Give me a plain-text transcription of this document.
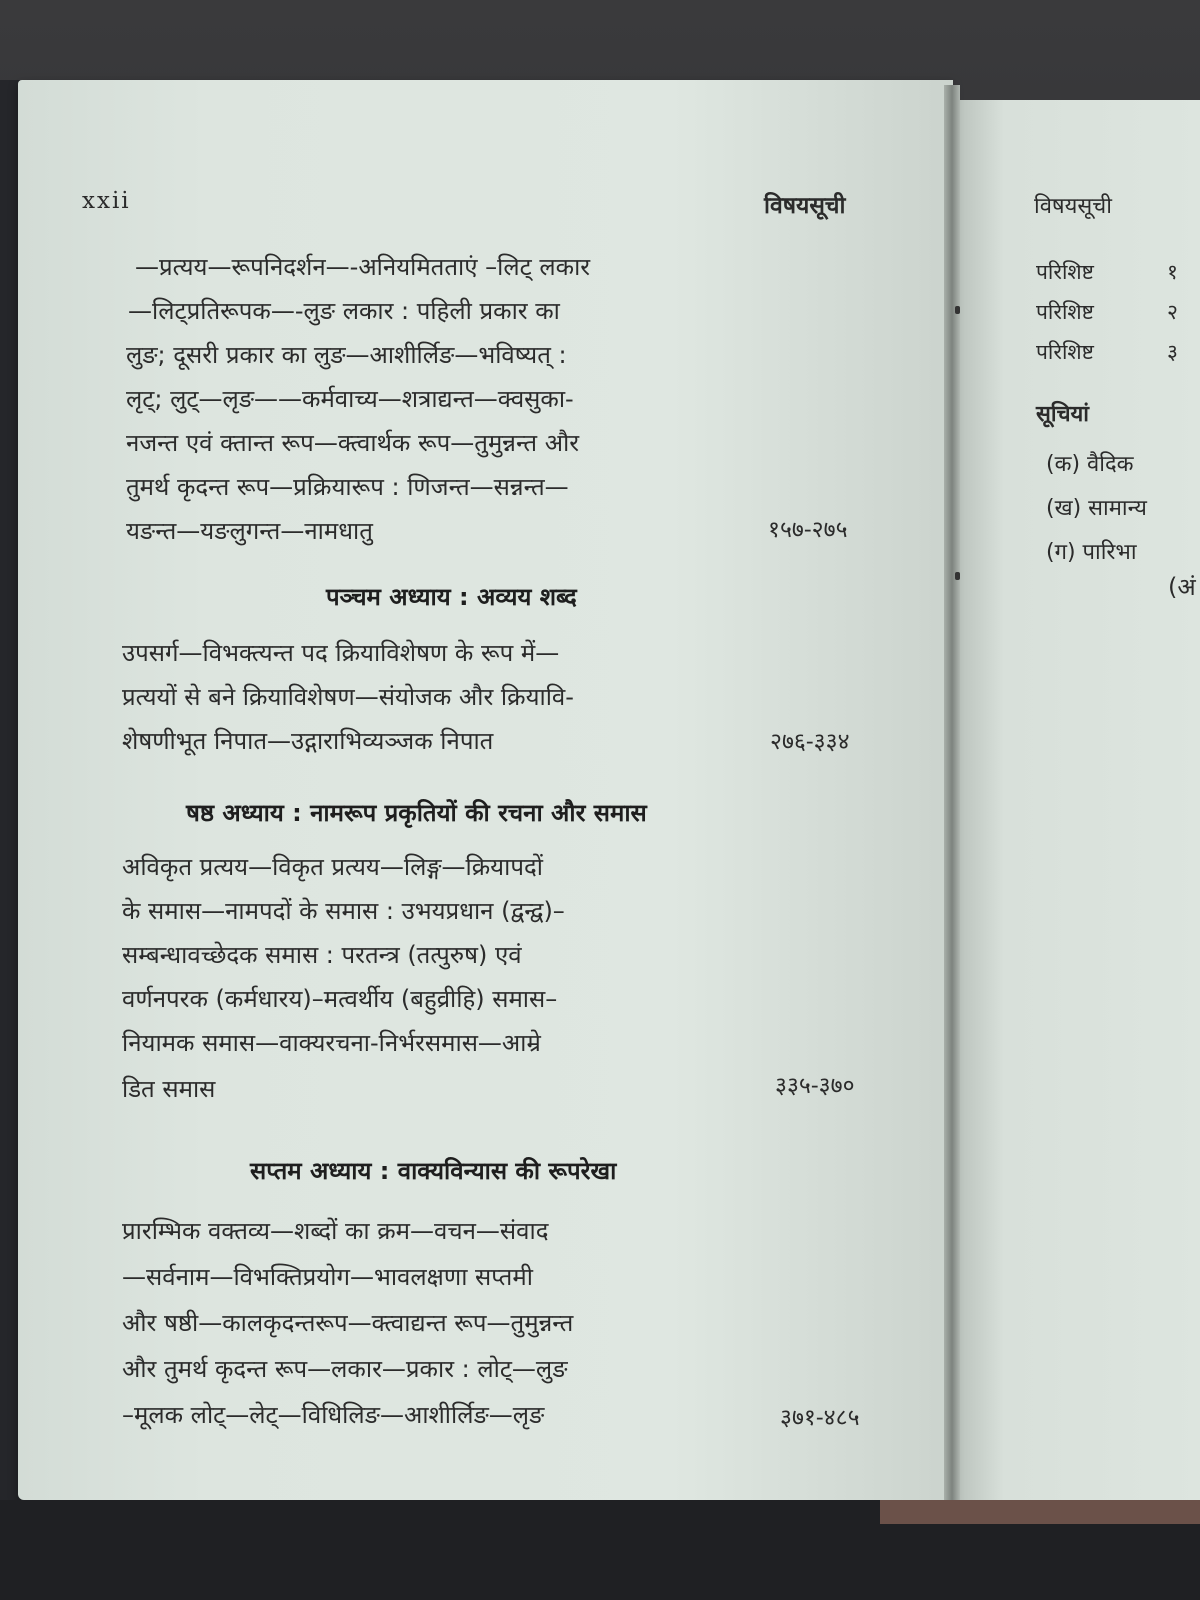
xxii	विषयसूची
—प्रत्यय—रूपनिदर्शन—-अनियमितताएं –लिट् लकार
—लिट्प्रतिरूपक—-लुङ लकार : पहिली प्रकार का
लुङ; दूसरी प्रकार का लुङ—आशीर्लिङ—भविष्यत् :
लृट्; लुट्—लृङ——कर्मवाच्य—शत्राद्यन्त—क्वसुका-
नजन्त एवं क्तान्त रूप—क्त्वार्थक रूप—तुमुन्नन्त और
तुमर्थ कृदन्त रूप—प्रक्रियारूप : णिजन्त—सन्नन्त—
यङन्त—यङलुगन्त—नामधातु	१५७-२७५
पञ्चम अध्याय : अव्यय शब्द
उपसर्ग—विभक्त्यन्त पद क्रियाविशेषण के रूप में—
प्रत्ययों से बने क्रियाविशेषण—संयोजक और क्रियावि-
शेषणीभूत निपात—उद्गाराभिव्यञ्जक निपात	२७६-३३४
षष्ठ अध्याय : नामरूप प्रकृतियों की रचना और समास
अविकृत प्रत्यय—विकृत प्रत्यय—लिङ्ग—क्रियापदों
के समास—नामपदों के समास : उभयप्रधान (द्वन्द्व)–
सम्बन्धावच्छेदक समास : परतन्त्र (तत्पुरुष) एवं
वर्णनपरक (कर्मधारय)–मत्वर्थीय (बहुव्रीहि) समास–
नियामक समास—वाक्यरचना-निर्भरसमास—आम्रे
डित समास	३३५-३७०
सप्तम अध्याय : वाक्यविन्यास की रूपरेखा
प्रारम्भिक वक्तव्य—शब्दों का क्रम—वचन—संवाद
—सर्वनाम—विभक्तिप्रयोग—भावलक्षणा सप्तमी
और षष्ठी—कालकृदन्तरूप—क्त्वाद्यन्त रूप—तुमुन्नन्त
और तुमर्थ कृदन्त रूप—लकार—प्रकार : लोट्—लुङ
–मूलक लोट्—लेट्—विधिलिङ—आशीर्लिङ—लृङ	३७१-४८५
विषयसूची
परिशिष्ट	१
परिशिष्ट	२
परिशिष्ट	३
सूचियां
(क) वैदिक
(ख) सामान्य
(ग) पारिभा
(अं
